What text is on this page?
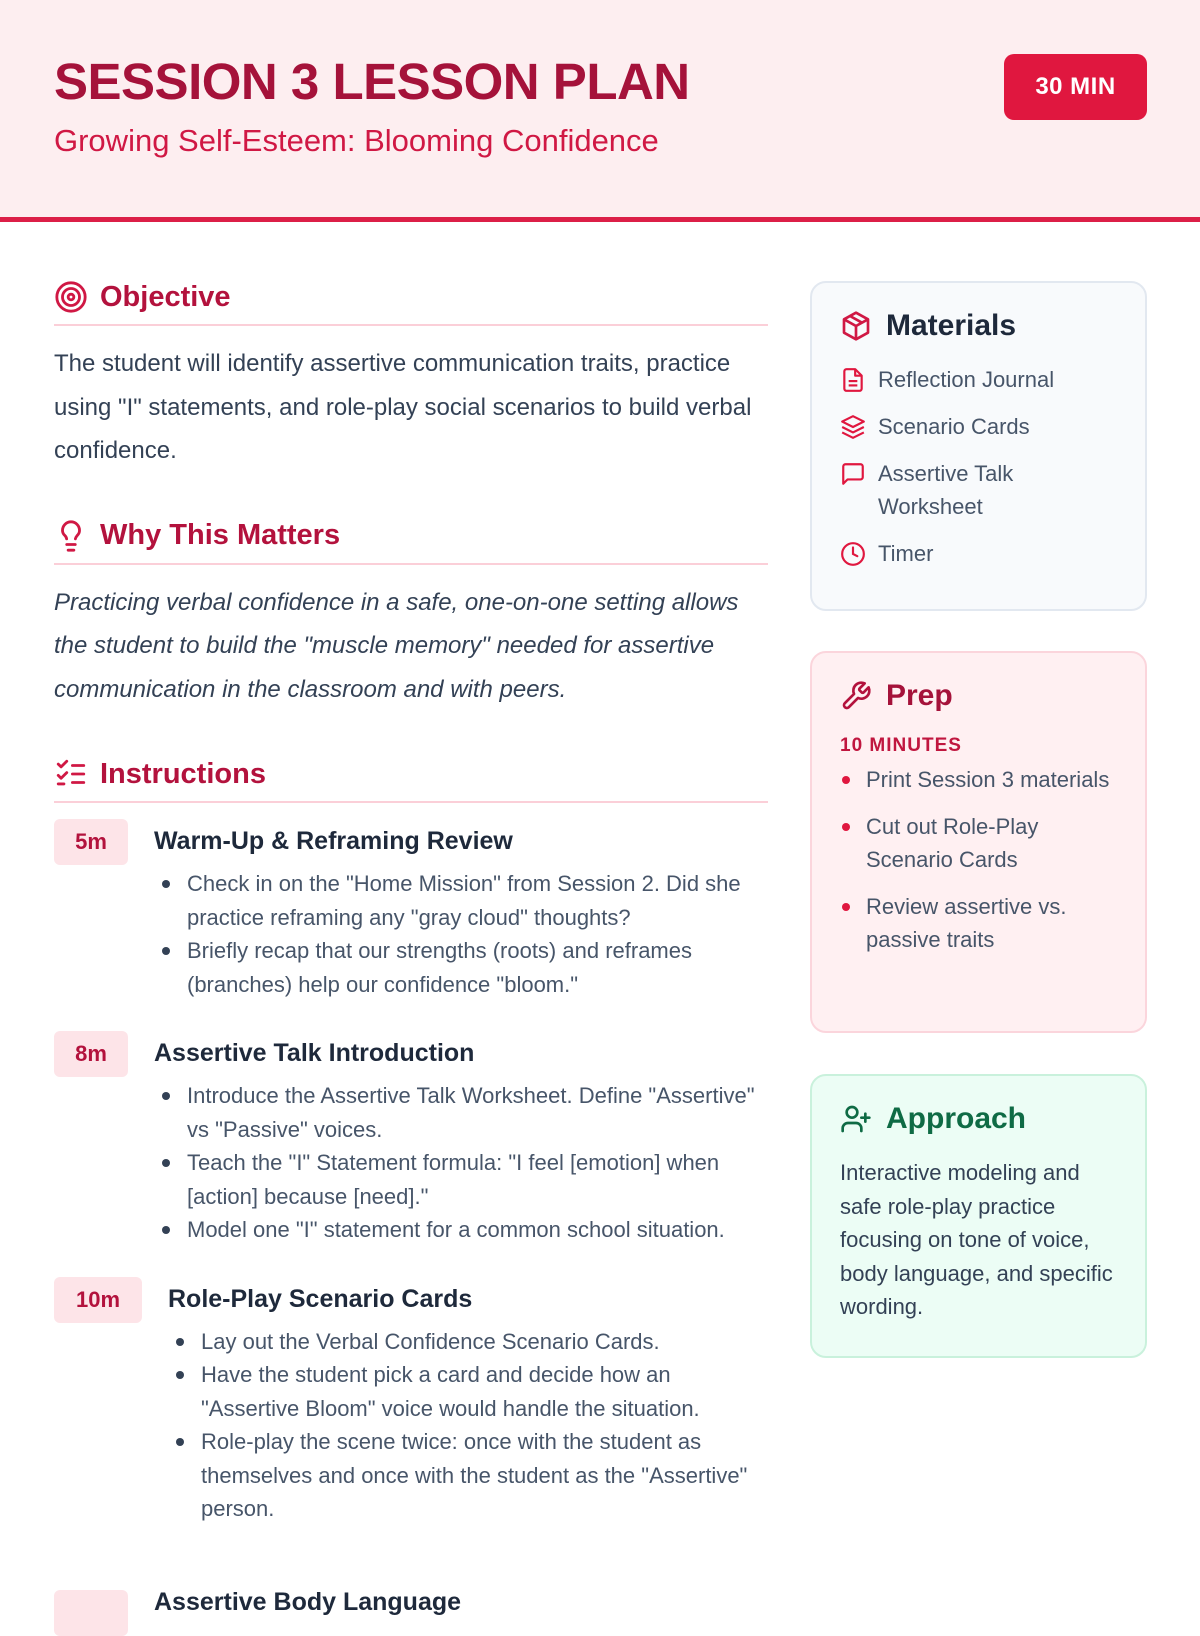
SESSION 3 LESSON PLAN
Growing Self-Esteem: Blooming Confidence
30 MIN
Objective

The student will identify assertive communication traits, practice using "I" statements, and role-play social scenarios to build verbal confidence.

Why This Matters

Practicing verbal confidence in a safe, one-on-one setting allows the student to build the "muscle memory" needed for assertive communication in the classroom and with peers.

Instructions
5m	Warm-Up & Reframing Review
Check in on the "Home Mission" from Session 2. Did she practice reframing any "gray cloud" thoughts?
Briefly recap that our strengths (roots) and reframes (branches) help our confidence "bloom."
8m	Assertive Talk Introduction
Introduce the Assertive Talk Worksheet. Define "Assertive" vs "Passive" voices.
Teach the "I" Statement formula: "I feel [emotion] when [action] because [need]."
Model one "I" statement for a common school situation.
10m	Role-Play Scenario Cards
Lay out the Verbal Confidence Scenario Cards.
Have the student pick a card and decide how an "Assertive Bloom" voice would handle the situation.
Role-play the scene twice: once with the student as themselves and once with the student as the "Assertive" person.
Assertive Body Language
Materials
Reflection Journal
Scenario Cards
Assertive Talk Worksheet
Timer
Prep
10 MINUTES
Print Session 3 materials
Cut out Role-Play Scenario Cards
Review assertive vs. passive traits
Approach

Interactive modeling and safe role-play practice focusing on tone of voice, body language, and specific wording.
